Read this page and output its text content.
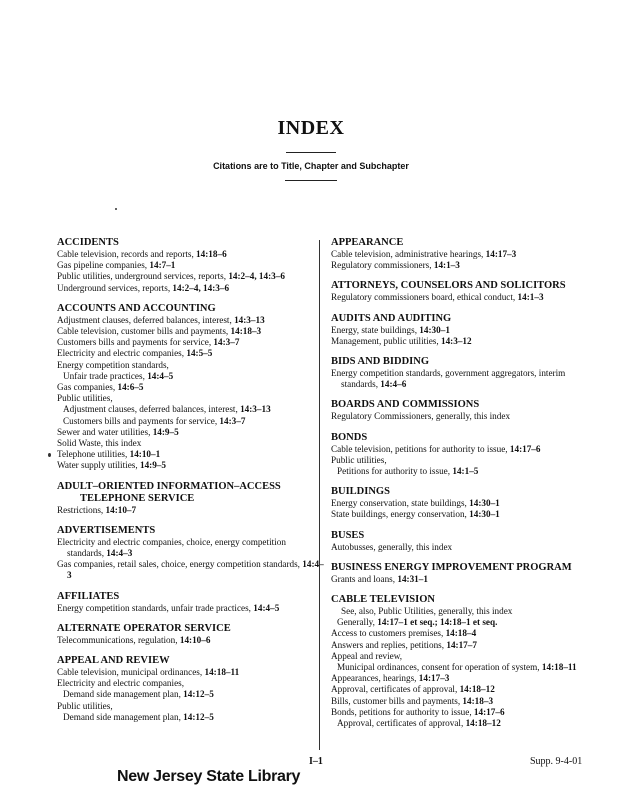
INDEX
Citations are to Title, Chapter and Subchapter
ACCIDENTS
Cable television, records and reports, 14:18–6
Gas pipeline companies, 14:7–1
Public utilities, underground services, reports, 14:2–4, 14:3–6
Underground services, reports, 14:2–4, 14:3–6
ACCOUNTS AND ACCOUNTING
Adjustment clauses, deferred balances, interest, 14:3–13
Cable television, customer bills and payments, 14:18–3
Customers bills and payments for service, 14:3–7
Electricity and electric companies, 14:5–5
Energy competition standards,
Unfair trade practices, 14:4–5
Gas companies, 14:6–5
Public utilities,
Adjustment clauses, deferred balances, interest, 14:3–13
Customers bills and payments for service, 14:3–7
Sewer and water utilities, 14:9–5
Solid Waste, this index
Telephone utilities, 14:10–1
Water supply utilities, 14:9–5
ADULT–ORIENTED INFORMATION–ACCESS
TELEPHONE SERVICE
Restrictions, 14:10–7
ADVERTISEMENTS
Electricity and electric companies, choice, energy competition standards, 14:4–3
Gas companies, retail sales, choice, energy competition standards, 14:4–3
AFFILIATES
Energy competition standards, unfair trade practices, 14:4–5
ALTERNATE OPERATOR SERVICE
Telecommunications, regulation, 14:10–6
APPEAL AND REVIEW
Cable television, municipal ordinances, 14:18–11
Electricity and electric companies,
Demand side management plan, 14:12–5
Public utilities,
Demand side management plan, 14:12–5
APPEARANCE
Cable television, administrative hearings, 14:17–3
Regulatory commissioners, 14:1–3
ATTORNEYS, COUNSELORS AND SOLICITORS
Regulatory commissioners board, ethical conduct, 14:1–3
AUDITS AND AUDITING
Energy, state buildings, 14:30–1
Management, public utilities, 14:3–12
BIDS AND BIDDING
Energy competition standards, government aggregators, interim standards, 14:4–6
BOARDS AND COMMISSIONS
Regulatory Commissioners, generally, this index
BONDS
Cable television, petitions for authority to issue, 14:17–6
Public utilities,
Petitions for authority to issue, 14:1–5
BUILDINGS
Energy conservation, state buildings, 14:30–1
State buildings, energy conservation, 14:30–1
BUSES
Autobusses, generally, this index
BUSINESS ENERGY IMPROVEMENT PROGRAM
Grants and loans, 14:31–1
CABLE TELEVISION
See, also, Public Utilities, generally, this index
Generally, 14:17–1 et seq.; 14:18–1 et seq.
Access to customers premises, 14:18–4
Answers and replies, petitions, 14:17–7
Appeal and review,
Municipal ordinances, consent for operation of system, 14:18–11
Appearances, hearings, 14:17–3
Approval, certificates of approval, 14:18–12
Bills, customer bills and payments, 14:18–3
Bonds, petitions for authority to issue, 14:17–6
Approval, certificates of approval, 14:18–12
I–1	Supp. 9-4-01
New Jersey State Library
